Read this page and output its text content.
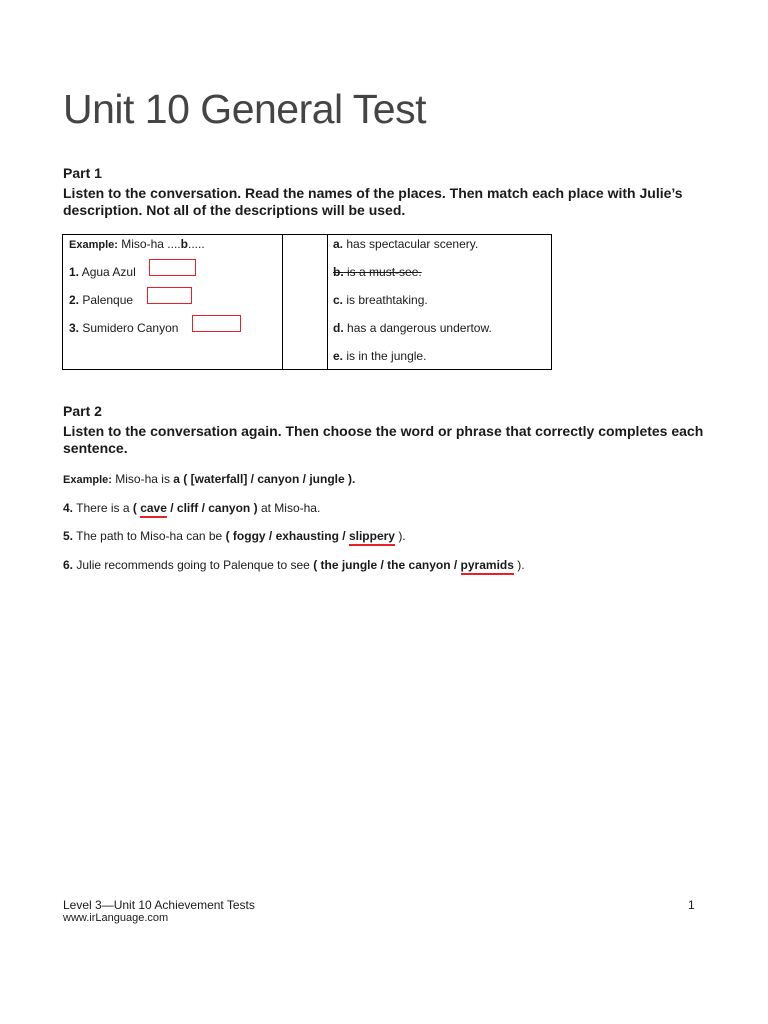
Unit 10 General Test
Part 1
Listen to the conversation. Read the names of the places. Then match each place with Julie’s description. Not all of the descriptions will be used.
Example: Miso-ha ....b.....
1. Agua Azul
2. Palenque
3. Sumidero Canyon
a. has spectacular scenery.
b. is a must-see.
c. is breathtaking.
d. has a dangerous undertow.
e. is in the jungle.
Part 2
Listen to the conversation again. Then choose the word or phrase that correctly completes each sentence.
Example: Miso-ha is a ( [waterfall] / canyon / jungle ).
4. There is a ( cave / cliff / canyon ) at Miso-ha.
5. The path to Miso-ha can be ( foggy / exhausting / slippery ).
6. Julie recommends going to Palenque to see ( the jungle / the canyon / pyramids ).
Level 3—Unit 10 Achievement Tests
www.irLanguage.com
1
